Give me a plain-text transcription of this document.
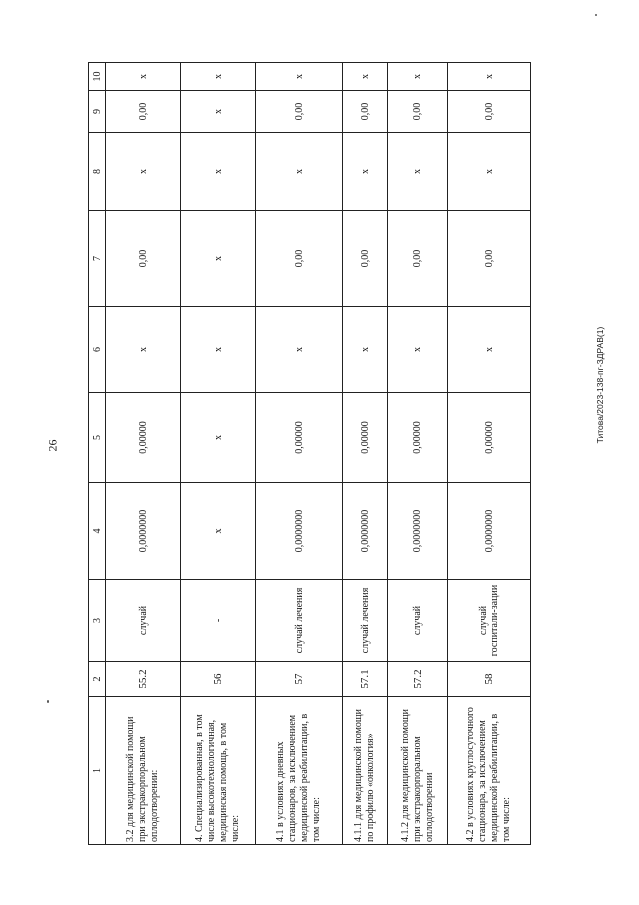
26
Титова/2023-138-пг-ЗДРАВ(1)
1	2	3	4	5	6	7	8	9	10
3.2 для медицинской помощи при экстракорпоральном оплодотворении:	55.2	случай	0,0000000	0,00000	х	0,00	х	0,00	х
4. Специализированная, в том числе высокотехнологичная, медицинская помощь, в том числе:	56	-	х	х	х	х	х	х	х
4.1 в условиях дневных стационаров, за исключением медицинской реабилитации, в том числе:	57	случай лечения	0,0000000	0,00000	х	0,00	х	0,00	х
4.1.1 для медицинской помощи по профилю «онкология»	57.1	случай лечения	0,0000000	0,00000	х	0,00	х	0,00	х
4.1.2 для медицинской помощи при экстракорпоральном оплодотворении	57.2	случай	0,0000000	0,00000	х	0,00	х	0,00	х
4.2 в условиях круглосуточного стационара, за исключением медицинской реабилитации, в том числе:	58	случай госпитали-зации	0,0000000	0,00000	х	0,00	х	0,00	х
